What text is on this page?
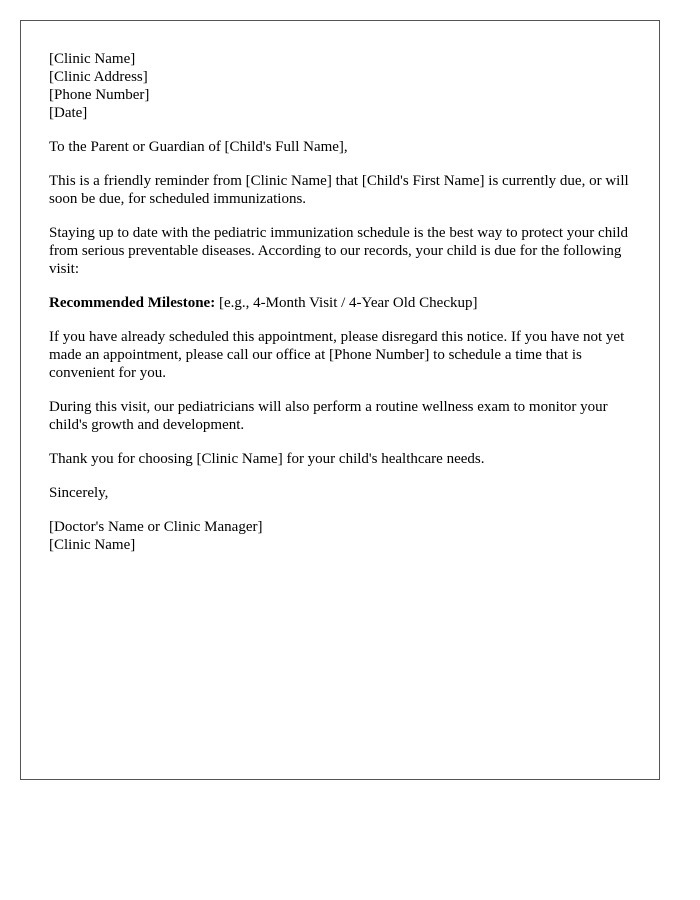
[Clinic Name]
[Clinic Address]
[Phone Number]
[Date]

To the Parent or Guardian of [Child's Full Name],

This is a friendly reminder from [Clinic Name] that [Child's First Name] is currently due, or will soon be due, for scheduled immunizations.

Staying up to date with the pediatric immunization schedule is the best way to protect your child from serious preventable diseases. According to our records, your child is due for the following visit:

Recommended Milestone: [e.g., 4-Month Visit / 4-Year Old Checkup]

If you have already scheduled this appointment, please disregard this notice. If you have not yet made an appointment, please call our office at [Phone Number] to schedule a time that is convenient for you.

During this visit, our pediatricians will also perform a routine wellness exam to monitor your child's growth and development.

Thank you for choosing [Clinic Name] for your child's healthcare needs.

Sincerely,

[Doctor's Name or Clinic Manager]
[Clinic Name]
